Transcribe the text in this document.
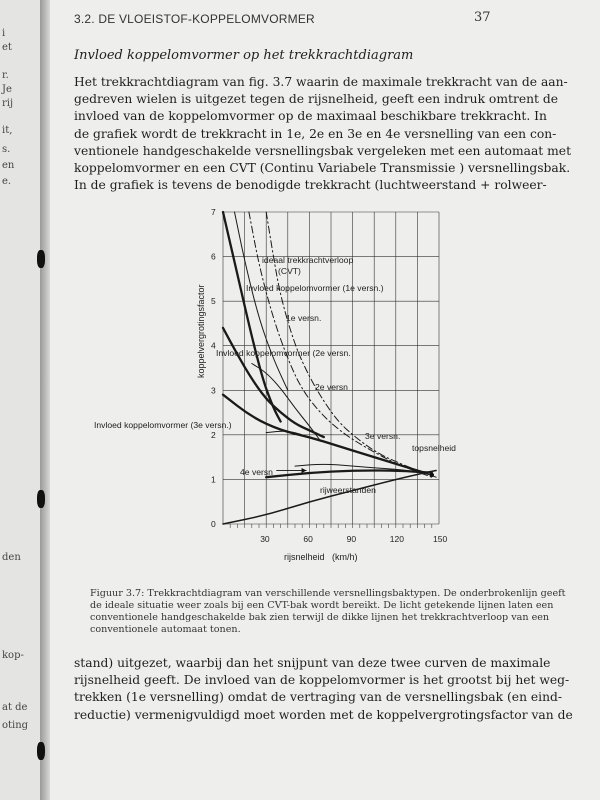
i
et
r.
Je
rij
it,
s.
en
e.
den
kop-
at de
oting
3.2. DE VLOEISTOF-KOPPELOMVORMER	37
Invloed koppelomvormer op het trekkrachtdiagram

Het trekkrachtdiagram van fig. 3.7 waarin de maximale trekkracht van de aan-
gedreven wielen is uitgezet tegen de rijsnelheid, geeft een indruk omtrent de
invloed van de koppelomvormer op de maximaal beschikbare trekkracht. In
de grafiek wordt de trekkracht in 1e, 2e en 3e en 4e versnelling van een con-
ventionele handgeschakelde versnellingsbak vergeleken met een automaat met
koppelomvormer en een CVT (Continu Variabele Transmissie ) versnellingsbak.
In de grafiek is tevens de benodigde trekkracht (luchtweerstand + rolweer-

0
1
2
3
4
5
6
7
30	60	90	120	150
koppelvergrotingsfactor
rijsnelheid   (km/h)
ideaal trekkrachtverloop
(CVT)
Invloed koppelomvormer (1e versn.)
1e versn.
Invloed koppelomvormer (2e versn.
2e versn
Invloed koppelomvormer (3e versn.)
3e versn.
topsnelheid
4e versn
rijweerstanden
Figuur 3.7: Trekkrachtdiagram van verschillende versnellingsbaktypen. De onderbrokenlijn geeft
de ideale situatie weer zoals bij een CVT-bak wordt bereikt. De licht getekende lijnen laten een
conventionele handgeschakelde bak zien terwijl de dikke lijnen het trekkrachtverloop van een
conventionele automaat tonen.

stand) uitgezet, waarbij dan het snijpunt van deze twee curven de maximale
rijsnelheid geeft. De invloed van de koppelomvormer is het grootst bij het weg-
trekken (1e versnelling) omdat de vertraging van de versnellingsbak (en eind-
reductie) vermenigvuldigd moet worden met de koppelvergrotingsfactor van de
